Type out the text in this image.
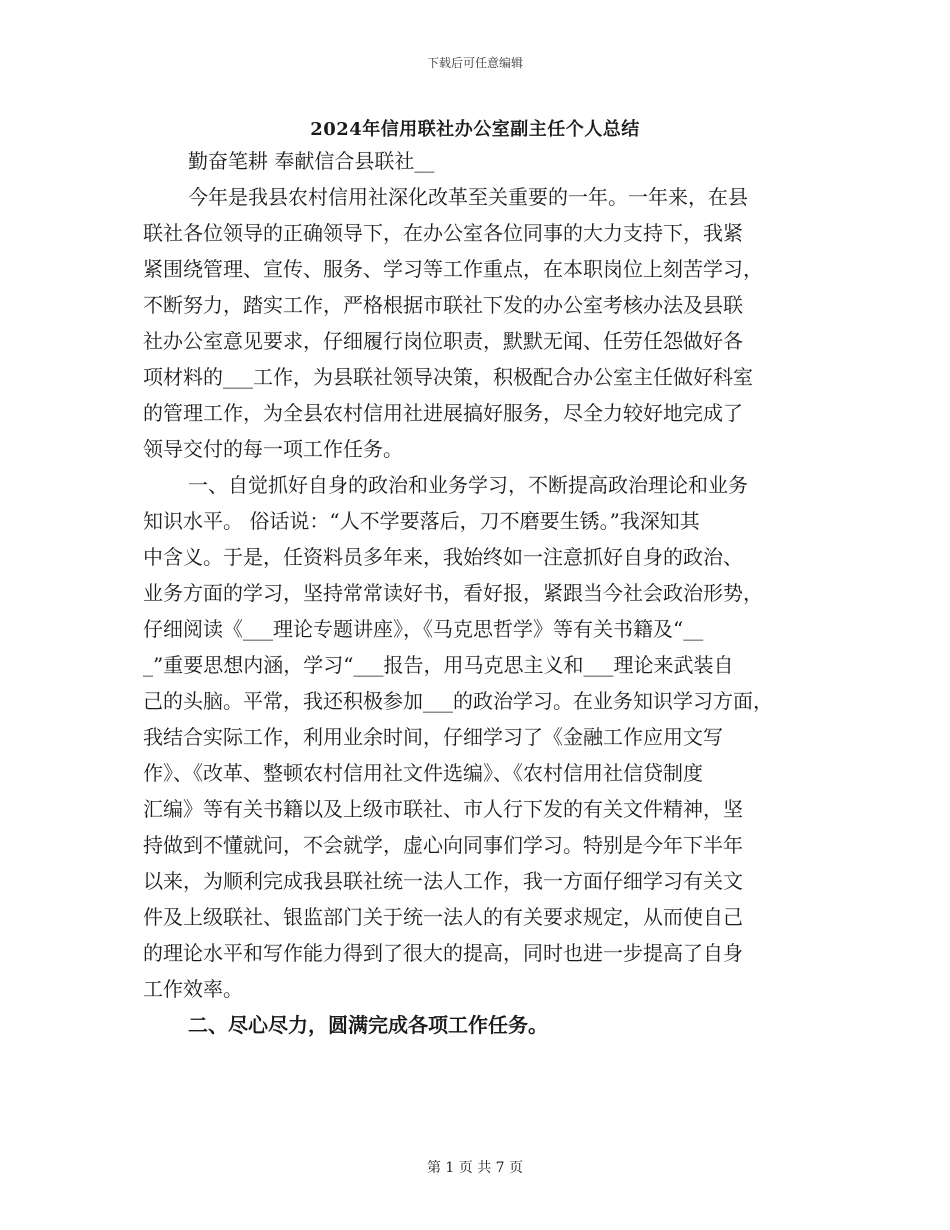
下载后可任意编辑
2024年信用联社办公室副主任个人总结
勤奋笔耕 奉献信合县联社__
今年是我县农村信用社深化改革至关重要的一年。一年来，在县
联社各位领导的正确领导下，在办公室各位同事的大力支持下，我紧
紧围绕管理、宣传、服务、学习等工作重点，在本职岗位上刻苦学习，
不断努力，踏实工作，严格根据市联社下发的办公室考核办法及县联
社办公室意见要求，仔细履行岗位职责，默默无闻、任劳任怨做好各
项材料的___工作，为县联社领导决策，积极配合办公室主任做好科室
的管理工作，为全县农村信用社进展搞好服务，尽全力较好地完成了
领导交付的每一项工作任务。
一、自觉抓好自身的政治和业务学习，不断提高政治理论和业务
知识水平。 俗话说：“人不学要落后，刀不磨要生锈。”我深知其
中含义。于是，任资料员多年来，我始终如一注意抓好自身的政治、
业务方面的学习，坚持常常读好书，看好报，紧跟当今社会政治形势，
仔细阅读《___理论专题讲座》，《马克思哲学》等有关书籍及“__
_”重要思想内涵，学习“___报告，用马克思主义和___理论来武装自
己的头脑。平常，我还积极参加___的政治学习。在业务知识学习方面，
我结合实际工作，利用业余时间，仔细学习了《金融工作应用文写
作》、《改革、整顿农村信用社文件选编》、《农村信用社信贷制度
汇编》等有关书籍以及上级市联社、市人行下发的有关文件精神，坚
持做到不懂就问，不会就学，虚心向同事们学习。特别是今年下半年
以来，为顺利完成我县联社统一法人工作，我一方面仔细学习有关文
件及上级联社、银监部门关于统一法人的有关要求规定，从而使自己
的理论水平和写作能力得到了很大的提高，同时也进一步提高了自身
工作效率。
二、尽心尽力，圆满完成各项工作任务。
第 1 页 共 7 页
